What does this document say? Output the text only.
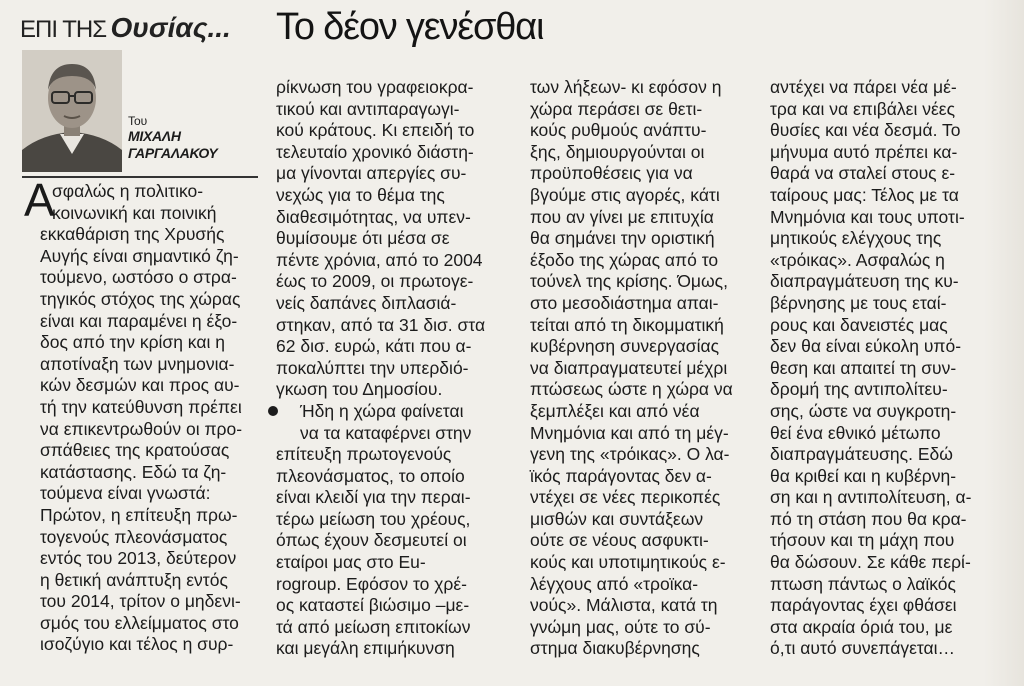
ΕΠΙ ΤΗΣ Ουσίας... Το δέον γενέσθαι
Του
ΜΙΧΑΛΗ
ΓΑΡΓΑΛΑΚΟΥ
Α
σφαλώς η πολιτικο-
κοινωνική και ποινική
εκκαθάριση της Χρυσής
Αυγής είναι σημαντικό ζη-
τούμενο, ωστόσο ο στρα-
τηγικός στόχος της χώρας
είναι και παραμένει η έξο-
δος από την κρίση και η
αποτίναξη των μνημονια-
κών δεσμών και προς αυ-
τή την κατεύθυνση πρέπει
να επικεντρωθούν οι προ-
σπάθειες της κρατούσας
κατάστασης. Εδώ τα ζη-
τούμενα είναι γνωστά:
Πρώτον, η επίτευξη πρω-
τογενούς πλεονάσματος
εντός του 2013, δεύτερον
η θετική ανάπτυξη εντός
του 2014, τρίτον ο μηδενι-
σμός του ελλείμματος στο
ισοζύγιο και τέλος η συρ-
ρίκνωση του γραφειοκρα-
τικού και αντιπαραγωγι-
κού κράτους. Κι επειδή το
τελευταίο χρονικό διάστη-
μα γίνονται απεργίες συ-
νεχώς για το θέμα της
διαθεσιμότητας, να υπεν-
θυμίσουμε ότι μέσα σε
πέντε χρόνια, από το 2004
έως το 2009, οι πρωτογε-
νείς δαπάνες διπλασιά-
στηκαν, από τα 31 δισ. στα
62 δισ. ευρώ, κάτι που α-
ποκαλύπτει την υπερδιό-
γκωση του Δημοσίου.
Ήδη η χώρα φαίνεται
να τα καταφέρνει στην
επίτευξη πρωτογενούς
πλεονάσματος, το οποίο
είναι κλειδί για την περαι-
τέρω μείωση του χρέους,
όπως έχουν δεσμευτεί οι
εταίροι μας στο Eu-
rogroup. Εφόσον το χρέ-
ος καταστεί βιώσιμο –με-
τά από μείωση επιτοκίων
και μεγάλη επιμήκυνση
των λήξεων- κι εφόσον η
χώρα περάσει σε θετι-
κούς ρυθμούς ανάπτυ-
ξης, δημιουργούνται οι
προϋποθέσεις για να
βγούμε στις αγορές, κάτι
που αν γίνει με επιτυχία
θα σημάνει την οριστική
έξοδο της χώρας από το
τούνελ της κρίσης. Όμως,
στο μεσοδιάστημα απαι-
τείται από τη δικομματική
κυβέρνηση συνεργασίας
να διαπραγματευτεί μέχρι
πτώσεως ώστε η χώρα να
ξεμπλέξει και από νέα
Μνημόνια και από τη μέγ-
γενη της «τρόικας». Ο λα-
ϊκός παράγοντας δεν α-
ντέχει σε νέες περικοπές
μισθών και συντάξεων
ούτε σε νέους ασφυκτι-
κούς και υποτιμητικούς ε-
λέγχους από «τροϊκα-
νούς». Μάλιστα, κατά τη
γνώμη μας, ούτε το σύ-
στημα διακυβέρνησης
αντέχει να πάρει νέα μέ-
τρα και να επιβάλει νέες
θυσίες και νέα δεσμά. Το
μήνυμα αυτό πρέπει κα-
θαρά να σταλεί στους ε-
ταίρους μας: Τέλος με τα
Μνημόνια και τους υποτι-
μητικούς ελέγχους της
«τρόικας». Ασφαλώς η
διαπραγμάτευση της κυ-
βέρνησης με τους εταί-
ρους και δανειστές μας
δεν θα είναι εύκολη υπό-
θεση και απαιτεί τη συν-
δρομή της αντιπολίτευ-
σης, ώστε να συγκροτη-
θεί ένα εθνικό μέτωπο
διαπραγμάτευσης. Εδώ
θα κριθεί και η κυβέρνη-
ση και η αντιπολίτευση, α-
πό τη στάση που θα κρα-
τήσουν και τη μάχη που
θα δώσουν. Σε κάθε περί-
πτωση πάντως ο λαϊκός
παράγοντας έχει φθάσει
στα ακραία όριά του, με
ό,τι αυτό συνεπάγεται…
